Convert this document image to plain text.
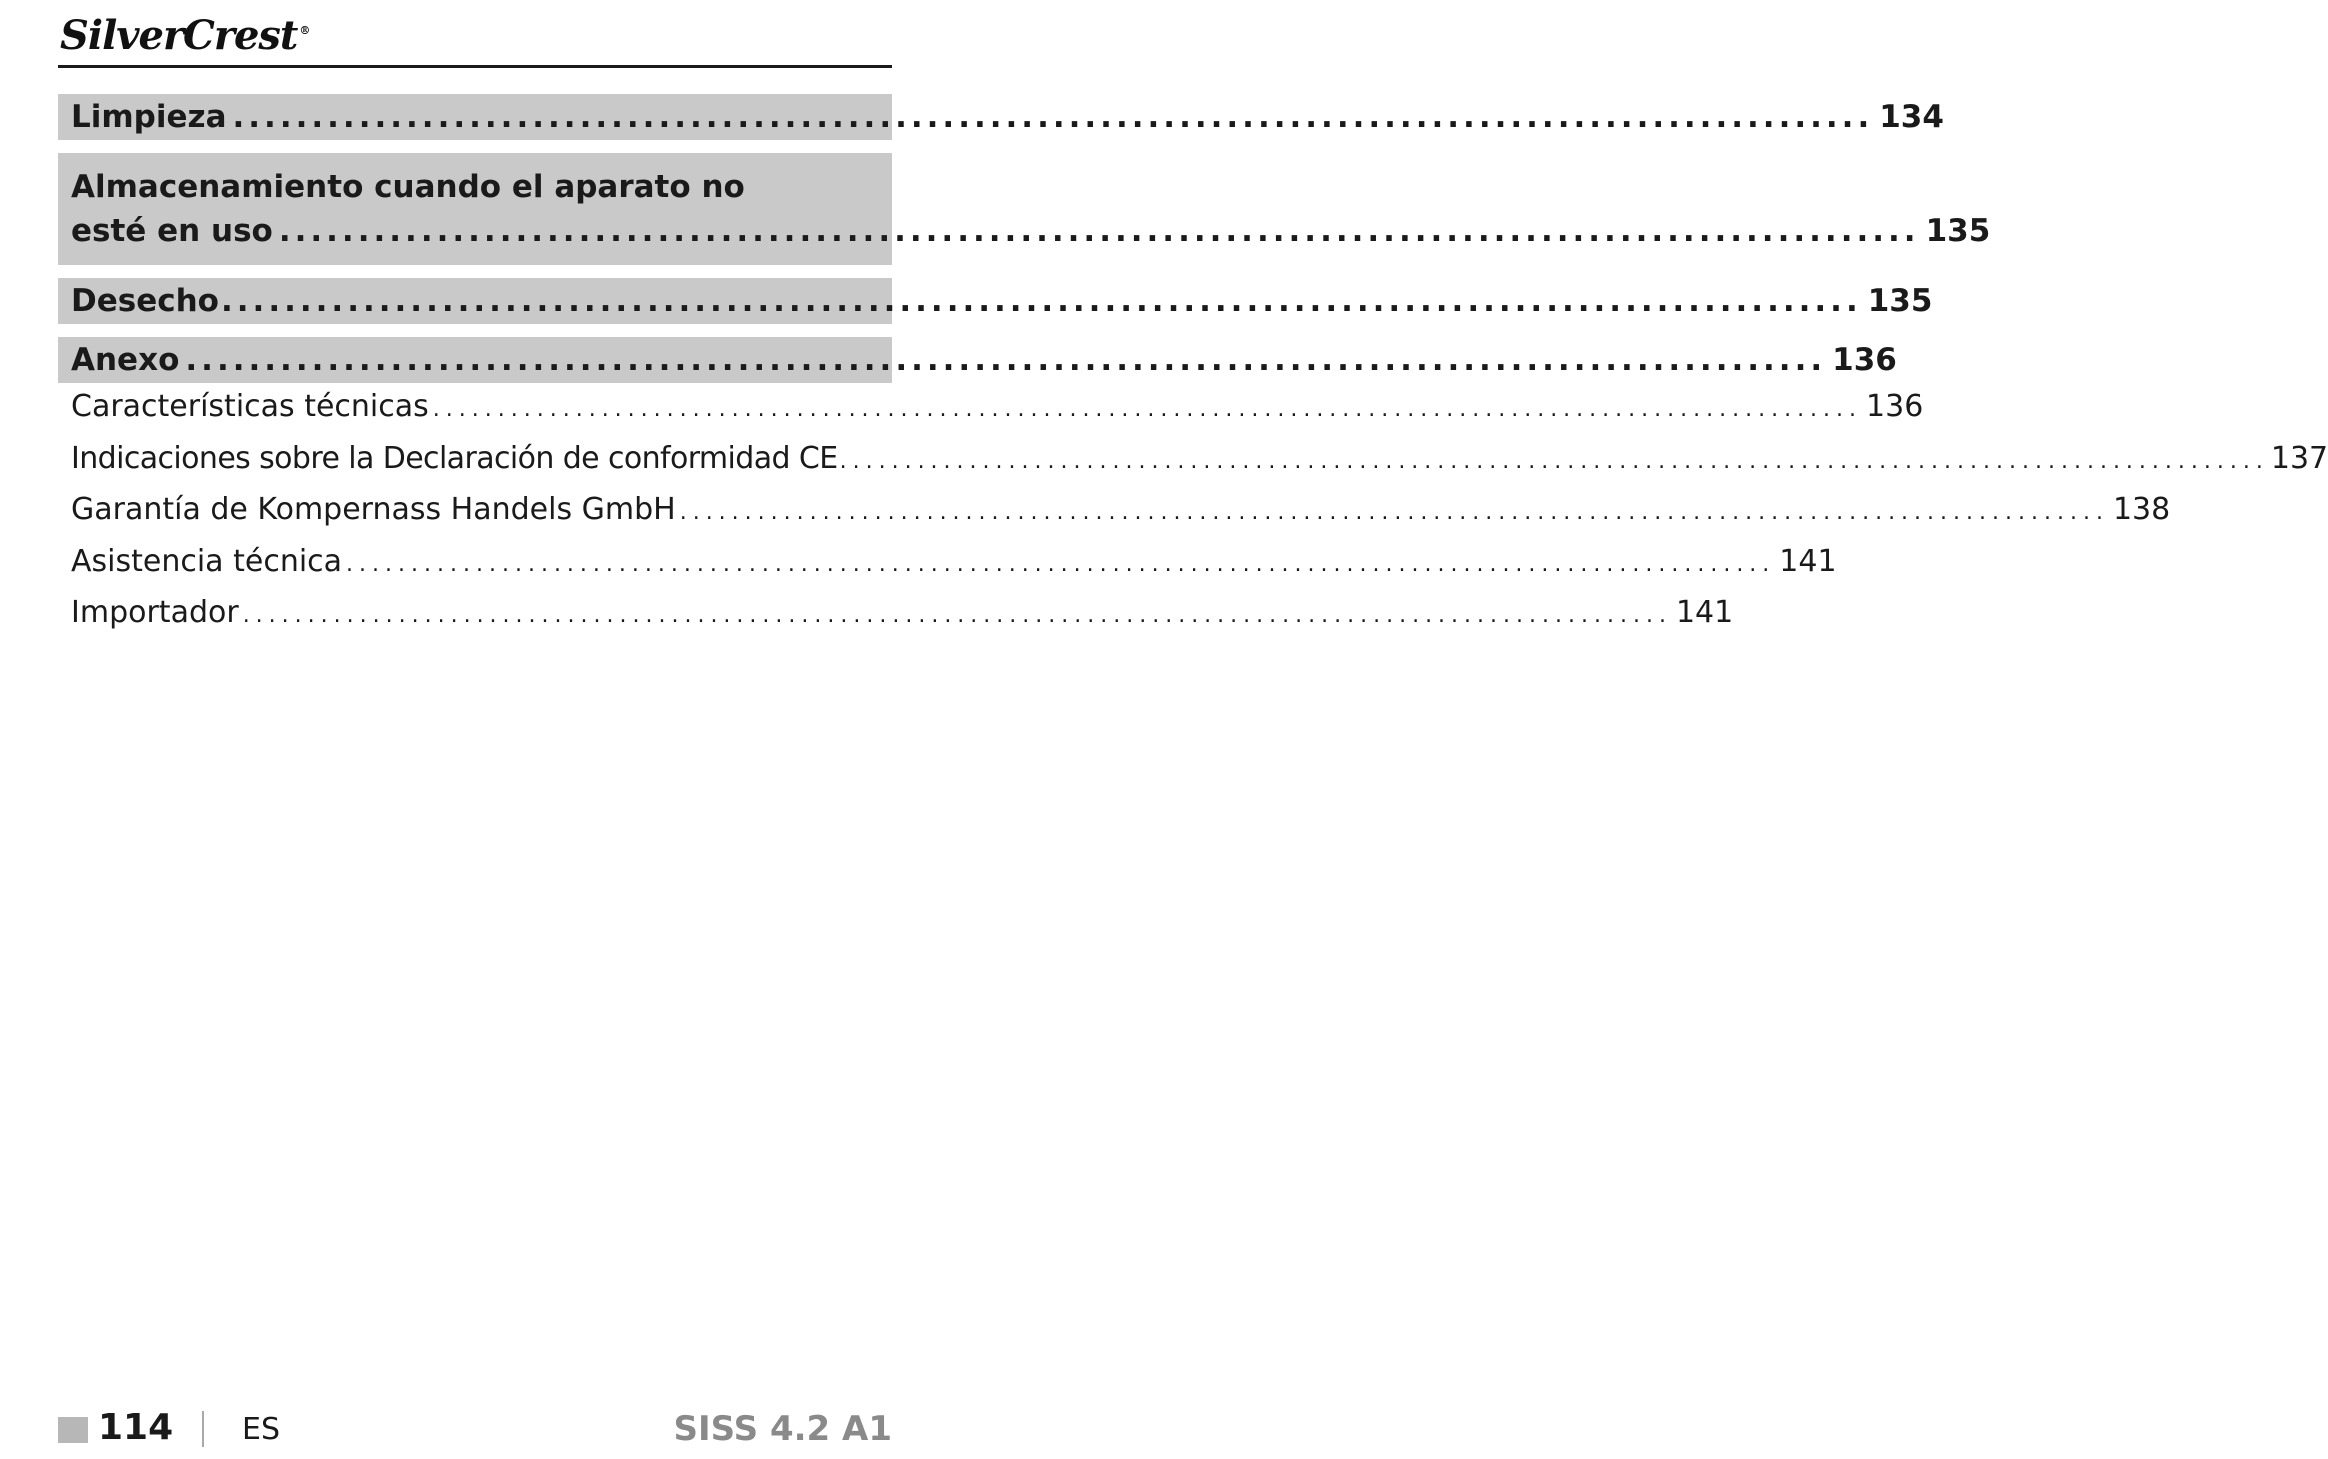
SilverCrest ®
Limpieza ........................................................................................................ 134
Almacenamiento cuando el aparato no
esté en uso ........................................................................................................ 135
Desecho ........................................................................................................ 135
Anexo ........................................................................................................ 136
Características técnicas .............................................................................................................. 136
Indicaciones sobre la Declaración de conformidad CE .............................................................................................................. 137
Garantía de Kompernass Handels GmbH .............................................................................................................. 138
Asistencia técnica .............................................................................................................. 141
Importador .............................................................................................................. 141
114 ES	SISS 4.2 A1
